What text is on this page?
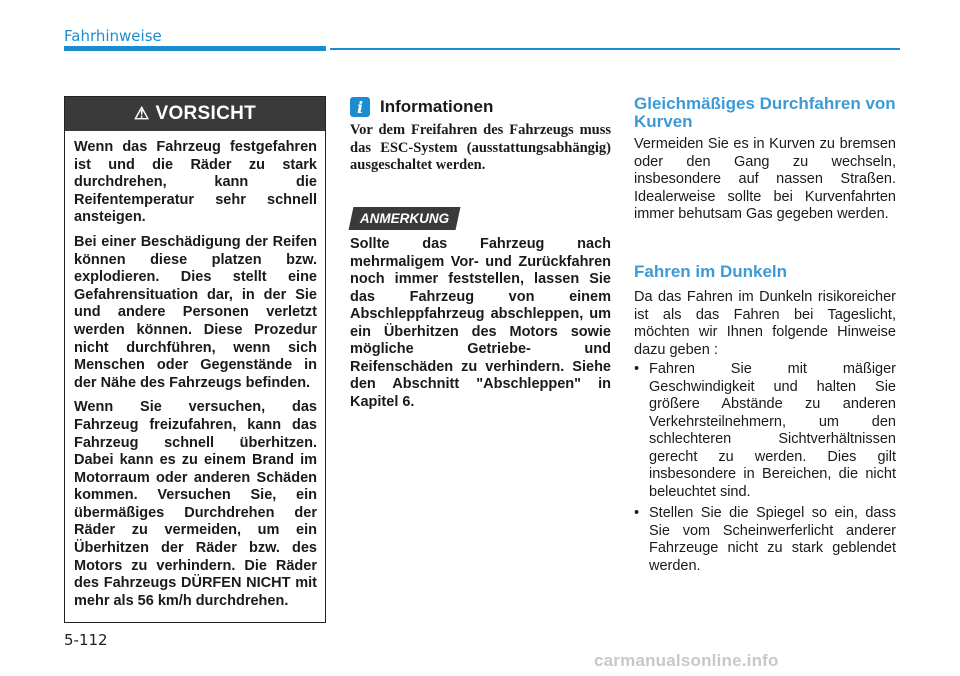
Fahrhinweise
⚠ VORSICHT

Wenn das Fahrzeug festgefahren ist und die Räder zu stark durchdrehen, kann die Reifentemperatur sehr schnell ansteigen.

Bei einer Beschädigung der Reifen können diese platzen bzw. explodieren. Dies stellt eine Gefahrensituation dar, in der Sie und andere Personen verletzt werden können. Diese Prozedur nicht durchführen, wenn sich Menschen oder Gegenstände in der Nähe des Fahrzeugs befinden.

Wenn Sie versuchen, das Fahrzeug freizufahren, kann das Fahrzeug schnell überhitzen. Dabei kann es zu einem Brand im Motorraum oder anderen Schäden kommen. Versuchen Sie, ein übermäßiges Durchdrehen der Räder zu vermeiden, um ein Überhitzen der Räder bzw. des Motors zu verhindern. Die Räder des Fahrzeugs DÜRFEN NICHT mit mehr als 56 km/h durchdrehen.

i Informationen

Vor dem Freifahren des Fahrzeugs muss das ESC-System (ausstattungsabhängig) ausgeschaltet werden.

ANMERKUNG

Sollte das Fahrzeug nach mehrmaligem Vor- und Zurückfahren noch immer feststellen, lassen Sie das Fahrzeug von einem Abschleppfahrzeug abschleppen, um ein Überhitzen des Motors sowie mögliche Getriebe- und Reifenschäden zu verhindern. Siehe den Abschnitt "Abschleppen" in Kapitel 6.

Gleichmäßiges Durchfahren von Kurven

Vermeiden Sie es in Kurven zu bremsen oder den Gang zu wechseln, insbesondere auf nassen Straßen. Idealerweise sollte bei Kurvenfahrten immer behutsam Gas gegeben werden.

Fahren im Dunkeln

Da das Fahren im Dunkeln risikoreicher ist als das Fahren bei Tageslicht, möchten wir Ihnen folgende Hinweise dazu geben :

• Fahren Sie mit mäßiger Geschwindigkeit und halten Sie größere Abstände zu anderen Verkehrsteilnehmern, um den schlechteren Sichtverhältnissen gerecht zu werden. Dies gilt insbesondere in Bereichen, die nicht beleuchtet sind.
• Stellen Sie die Spiegel so ein, dass Sie vom Scheinwerferlicht anderer Fahrzeuge nicht zu stark geblendet werden.
5-112
carmanualsonline.info
